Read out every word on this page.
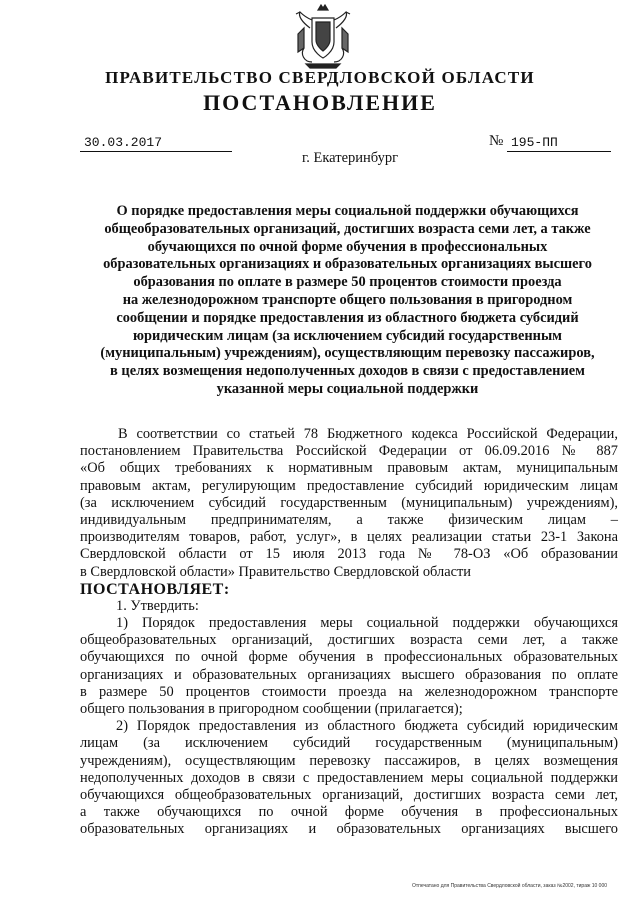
ПРАВИТЕЛЬСТВО СВЕРДЛОВСКОЙ ОБЛАСТИ
ПОСТАНОВЛЕНИЕ
30.03.2017	№ 195-ПП
г. Екатеринбург
О порядке предоставления меры социальной поддержки обучающихся
общеобразовательных организаций, достигших возраста семи лет, а также
обучающихся по очной форме обучения в профессиональных
образовательных организациях и образовательных организациях высшего
образования по оплате в размере 50 процентов стоимости проезда
на железнодорожном транспорте общего пользования в пригородном
сообщении и порядке предоставления из областного бюджета субсидий
юридическим лицам (за исключением субсидий государственным
(муниципальным) учреждениям), осуществляющим перевозку пассажиров,
в целях возмещения недополученных доходов в связи с предоставлением
указанной меры социальной поддержки
В соответствии со статьей 78 Бюджетного кодекса Российской Федерации,
постановлением Правительства Российской Федерации от 06.09.2016 № 887
«Об общих требованиях к нормативным правовым актам, муниципальным
правовым актам, регулирующим предоставление субсидий юридическим лицам
(за исключением субсидий государственным (муниципальным) учреждениям),
индивидуальным предпринимателям, а также физическим лицам –
производителям товаров, работ, услуг», в целях реализации статьи 23-1 Закона
Свердловской области от 15 июля 2013 года № 78-ОЗ «Об образовании
в Свердловской области» Правительство Свердловской области
ПОСТАНОВЛЯЕТ:
1. Утвердить:
1) Порядок предоставления меры социальной поддержки обучающихся
общеобразовательных организаций, достигших возраста семи лет, а также
обучающихся по очной форме обучения в профессиональных образовательных
организациях и образовательных организациях высшего образования по оплате
в размере 50 процентов стоимости проезда на железнодорожном транспорте
общего пользования в пригородном сообщении (прилагается);
2) Порядок предоставления из областного бюджета субсидий юридическим
лицам (за исключением субсидий государственным (муниципальным)
учреждениям), осуществляющим перевозку пассажиров, в целях возмещения
недополученных доходов в связи с предоставлением меры социальной поддержки
обучающихся общеобразовательных организаций, достигших возраста семи лет,
а также обучающихся по очной форме обучения в профессиональных
образовательных организациях и образовательных организациях высшего
Отпечатано для Правительства Свердловской области, заказ №2002, тираж 10 000
